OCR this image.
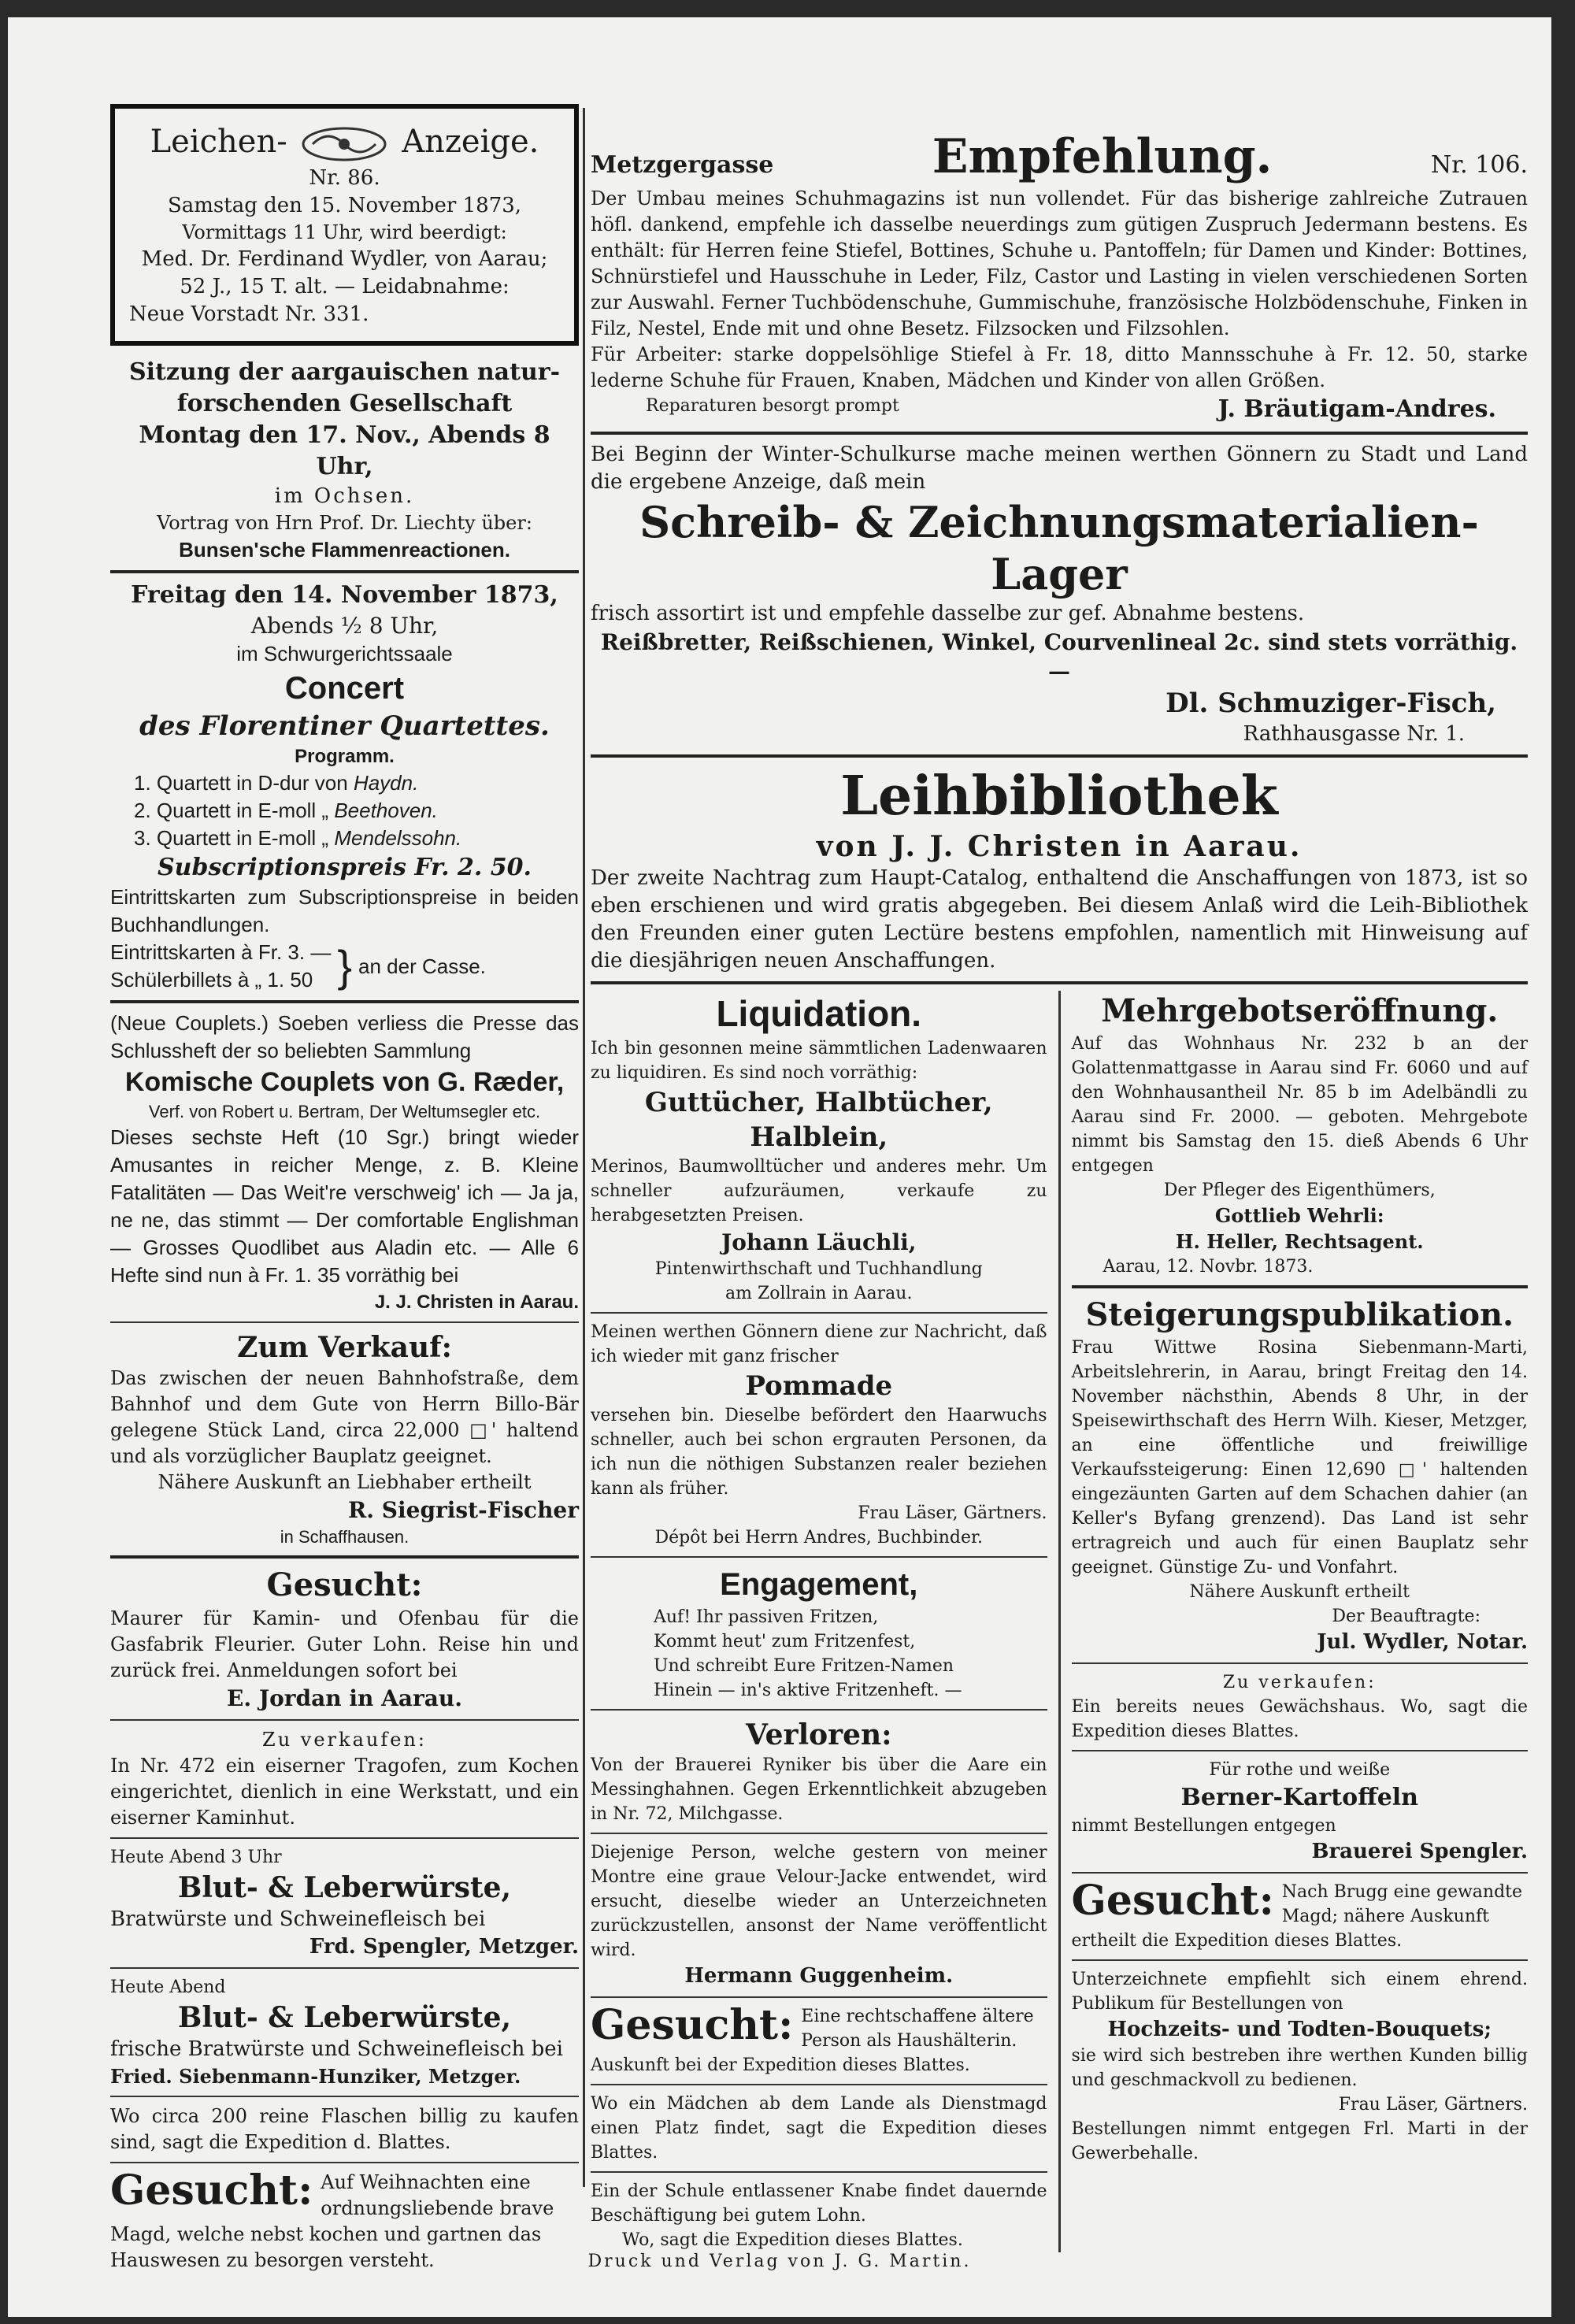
Leichen-	Anzeige.
Nr. 86.
Samstag den 15. November 1873,
Vormittags 11 Uhr, wird beerdigt:
Med. Dr. Ferdinand Wydler, von Aarau;
52 J., 15 T. alt. — Leidabnahme:
Neue Vorstadt Nr. 331.
Sitzung der aargauischen natur-forschenden Gesellschaft
Montag den 17. Nov., Abends 8 Uhr,
im Ochsen.
Vortrag von Hrn Prof. Dr. Liechty über:
Bunsen'sche Flammenreactionen.
Freitag den 14. November 1873,
Abends ½ 8 Uhr,
im Schwurgerichtssaale
Concert
des Florentiner Quartettes.
Programm.
1. Quartett in D-dur von Haydn.
2. Quartett in E-moll „ Beethoven.
3. Quartett in E-moll „ Mendelssohn.
Subscriptionspreis Fr. 2. 50.
Eintrittskarten zum Subscriptionspreise in beiden Buchhandlungen.
Eintrittskarten à Fr. 3. —
Schülerbillets à „ 1. 50 } an der Casse.
(Neue Couplets.) Soeben verliess die Presse das Schlussheft der so beliebten Sammlung
Komische Couplets von G. Ræder,
Verf. von Robert u. Bertram, Der Weltumsegler etc.
Dieses sechste Heft (10 Sgr.) bringt wieder Amusantes in reicher Menge, z. B. Kleine Fatalitäten — Das Weit're verschweig' ich — Ja ja, ne ne, das stimmt — Der comfortable Englishman — Grosses Quodlibet aus Aladin etc. — Alle 6 Hefte sind nun à Fr. 1. 35 vorräthig bei
J. J. Christen in Aarau.
Zum Verkauf:
Das zwischen der neuen Bahnhofstraße, dem Bahnhof und dem Gute von Herrn Billo-Bär gelegene Stück Land, circa 22,000 □' haltend und als vorzüglicher Bauplatz geeignet.
Nähere Auskunft an Liebhaber ertheilt
R. Siegrist-Fischer
in Schaffhausen.
Gesucht:
Maurer für Kamin- und Ofenbau für die Gasfabrik Fleurier. Guter Lohn. Reise hin und zurück frei. Anmeldungen sofort bei
E. Jordan in Aarau.
Zu verkaufen:
In Nr. 472 ein eiserner Tragofen, zum Kochen eingerichtet, dienlich in eine Werkstatt, und ein eiserner Kaminhut.
Heute Abend 3 Uhr
Blut- & Leberwürste,
Bratwürste und Schweinefleisch bei
Frd. Spengler, Metzger.
Heute Abend
Blut- & Leberwürste,
frische Bratwürste und Schweinefleisch bei
Fried. Siebenmann-Hunziker, Metzger.
Wo circa 200 reine Flaschen billig zu kaufen sind, sagt die Expedition d. Blattes.
Gesucht: Auf Weihnachten eine ordnungsliebende brave Magd, welche nebst kochen und gartnen das Hauswesen zu besorgen versteht.
Metzgergasse	Empfehlung.	Nr. 106.
Der Umbau meines Schuhmagazins ist nun vollendet. Für das bisherige zahlreiche Zutrauen höfl. dankend, empfehle ich dasselbe neuerdings zum gütigen Zuspruch Jedermann bestens. Es enthält: für Herren feine Stiefel, Bottines, Schuhe u. Pantoffeln; für Damen und Kinder: Bottines, Schnürstiefel und Hausschuhe in Leder, Filz, Castor und Lasting in vielen verschiedenen Sorten zur Auswahl. Ferner Tuchbödenschuhe, Gummischuhe, französische Holzbödenschuhe, Finken in Filz, Nestel, Ende mit und ohne Besetz. Filzsocken und Filzsohlen.
Für Arbeiter: starke doppelsöhlige Stiefel à Fr. 18, ditto Mannsschuhe à Fr. 12. 50, starke lederne Schuhe für Frauen, Knaben, Mädchen und Kinder von allen Größen.
Reparaturen besorgt prompt	J. Bräutigam-Andres.
Bei Beginn der Winter-Schulkurse mache meinen werthen Gönnern zu Stadt und Land die ergebene Anzeige, daß mein
Schreib- & Zeichnungsmaterialien-Lager
frisch assortirt ist und empfehle dasselbe zur gef. Abnahme bestens.
Reißbretter, Reißschienen, Winkel, Courvenlineal 2c. sind stets vorräthig. —
Dl. Schmuziger-Fisch,
Rathhausgasse Nr. 1.
Leihbibliothek
von J. J. Christen in Aarau.
Der zweite Nachtrag zum Haupt-Catalog, enthaltend die Anschaffungen von 1873, ist so eben erschienen und wird gratis abgegeben. Bei diesem Anlaß wird die Leih-Bibliothek den Freunden einer guten Lectüre bestens empfohlen, namentlich mit Hinweisung auf die diesjährigen neuen Anschaffungen.
Liquidation.
Ich bin gesonnen meine sämmtlichen Ladenwaaren zu liquidiren. Es sind noch vorräthig:
Guttücher, Halbtücher, Halblein,
Merinos, Baumwolltücher und anderes mehr. Um schneller aufzuräumen, verkaufe zu herabgesetzten Preisen.
Johann Läuchli,
Pintenwirthschaft und Tuchhandlung
am Zollrain in Aarau.
Meinen werthen Gönnern diene zur Nachricht, daß ich wieder mit ganz frischer
Pommade
versehen bin. Dieselbe befördert den Haarwuchs schneller, auch bei schon ergrauten Personen, da ich nun die nöthigen Substanzen realer beziehen kann als früher.
Frau Läser, Gärtners.
Dépôt bei Herrn Andres, Buchbinder.
Engagement,
Auf! Ihr passiven Fritzen,
Kommt heut' zum Fritzenfest,
Und schreibt Eure Fritzen-Namen
Hinein — in's aktive Fritzenheft. —
Verloren:
Von der Brauerei Ryniker bis über die Aare ein Messinghahnen. Gegen Erkenntlichkeit abzugeben in Nr. 72, Milchgasse.
Diejenige Person, welche gestern von meiner Montre eine graue Velour-Jacke entwendet, wird ersucht, dieselbe wieder an Unterzeichneten zurückzustellen, ansonst der Name veröffentlicht wird.
Hermann Guggenheim.
Gesucht: Eine rechtschaffene ältere Person als Haushälterin. Auskunft bei der Expedition dieses Blattes.
Wo ein Mädchen ab dem Lande als Dienstmagd einen Platz findet, sagt die Expedition dieses Blattes.
Ein der Schule entlassener Knabe findet dauernde Beschäftigung bei gutem Lohn.
Wo, sagt die Expedition dieses Blattes.
Mehrgebotseröffnung.
Auf das Wohnhaus Nr. 232 b an der Golattenmattgasse in Aarau sind Fr. 6060 und auf den Wohnhausantheil Nr. 85 b im Adelbändli zu Aarau sind Fr. 2000. — geboten. Mehrgebote nimmt bis Samstag den 15. dieß Abends 6 Uhr entgegen
Der Pfleger des Eigenthümers,
Gottlieb Wehrli:
H. Heller, Rechtsagent.
Aarau, 12. Novbr. 1873.
Steigerungspublikation.
Frau Wittwe Rosina Siebenmann-Marti, Arbeitslehrerin, in Aarau, bringt Freitag den 14. November nächsthin, Abends 8 Uhr, in der Speisewirthschaft des Herrn Wilh. Kieser, Metzger, an eine öffentliche und freiwillige Verkaufssteigerung: Einen 12,690 □' haltenden eingezäunten Garten auf dem Schachen dahier (an Keller's Byfang grenzend). Das Land ist sehr ertragreich und auch für einen Bauplatz sehr geeignet. Günstige Zu- und Vonfahrt.
Nähere Auskunft ertheilt
Der Beauftragte:
Jul. Wydler, Notar.
Zu verkaufen:
Ein bereits neues Gewächshaus. Wo, sagt die Expedition dieses Blattes.
Für rothe und weiße
Berner-Kartoffeln
nimmt Bestellungen entgegen
Brauerei Spengler.
Gesucht: Nach Brugg eine gewandte Magd; nähere Auskunft ertheilt die Expedition dieses Blattes.
Unterzeichnete empfiehlt sich einem ehrend. Publikum für Bestellungen von
Hochzeits- und Todten-Bouquets;
sie wird sich bestreben ihre werthen Kunden billig und geschmackvoll zu bedienen.
Frau Läser, Gärtners.
Bestellungen nimmt entgegen Frl. Marti in der Gewerbehalle.
Druck und Verlag von J. G. Martin.
